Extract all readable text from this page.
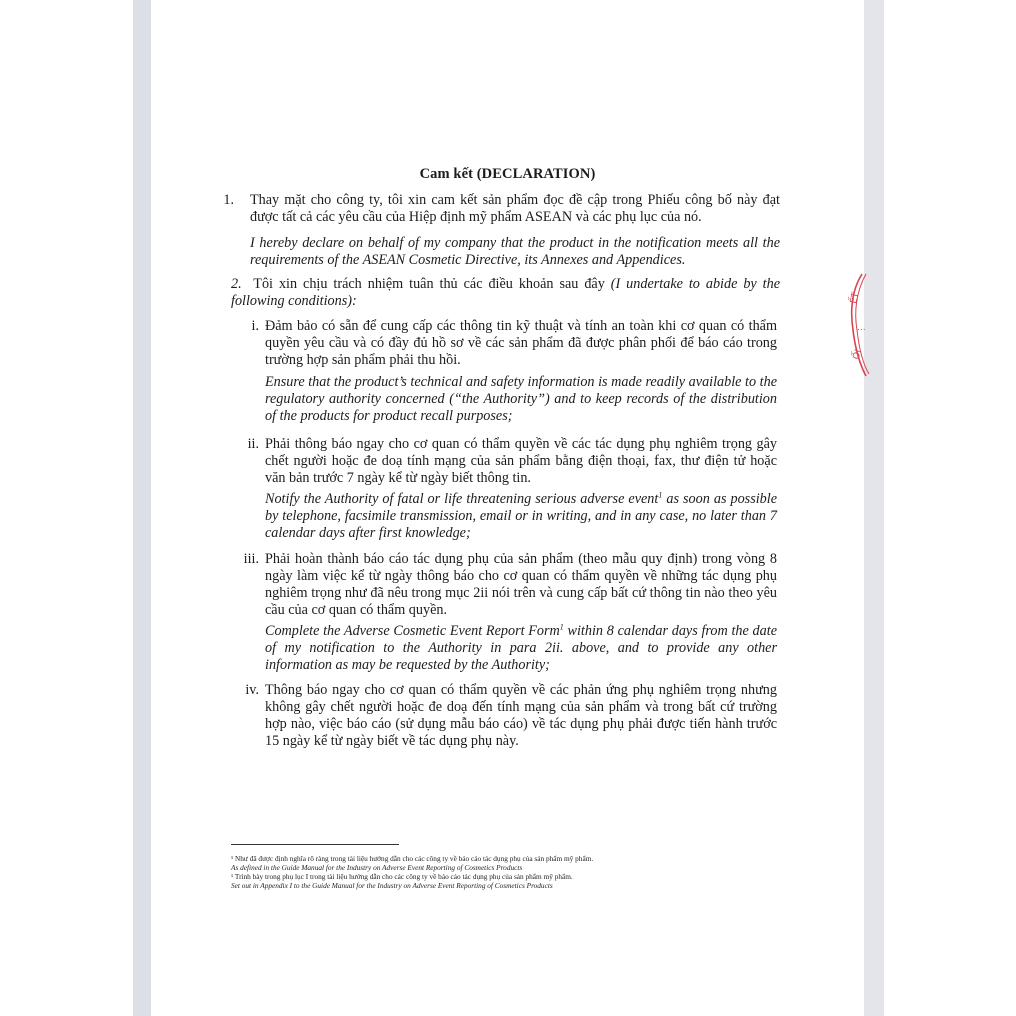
Cam kết (DECLARATION)
1. Thay mặt cho công ty, tôi xin cam kết sản phẩm đọc đề cập trong Phiếu công bố này đạt được tất cả các yêu cầu của Hiệp định mỹ phẩm ASEAN và các phụ lục của nó.
I hereby declare on behalf of my company that the product in the notification meets all the requirements of the ASEAN Cosmetic Directive, its Annexes and Appendices.
2. Tôi xin chịu trách nhiệm tuân thủ các điều khoản sau đây (I undertake to abide by the following conditions):
i. Đảm bảo có sẵn để cung cấp các thông tin kỹ thuật và tính an toàn khi cơ quan có thẩm quyền yêu cầu và có đầy đủ hồ sơ về các sản phẩm đã được phân phối để báo cáo trong trường hợp sản phẩm phải thu hồi.
Ensure that the product’s technical and safety information is made readily available to the regulatory authority concerned (“the Authority”) and to keep records of the distribution of the products for product recall purposes;
ii. Phải thông báo ngay cho cơ quan có thẩm quyền về các tác dụng phụ nghiêm trọng gây chết người hoặc đe doạ tính mạng của sản phẩm bằng điện thoại, fax, thư điện tử hoặc văn bản trước 7 ngày kể từ ngày biết thông tin.
Notify the Authority of fatal or life threatening serious adverse event$^1$ as soon as possible by telephone, facsimile transmission, email or in writing, and in any case, no later than 7 calendar days after first knowledge;
iii. Phải hoàn thành báo cáo tác dụng phụ của sản phẩm (theo mẫu quy định) trong vòng 8 ngày làm việc kể từ ngày thông báo cho cơ quan có thẩm quyền về những tác dụng phụ nghiêm trọng như đã nêu trong mục 2ii nói trên và cung cấp bất cứ thông tin nào theo yêu cầu của cơ quan có thẩm quyền.
Complete the Adverse Cosmetic Event Report Form$^1$ within 8 calendar days from the date of my notification to the Authority in para 2ii. above, and to provide any other information as may be requested by the Authority;
iv. Thông báo ngay cho cơ quan có thẩm quyền về các phản ứng phụ nghiêm trọng nhưng không gây chết người hoặc đe doạ đến tính mạng của sản phẩm và trong bất cứ trường hợp nào, việc báo cáo (sử dụng mẫu báo cáo) về tác dụng phụ phải được tiến hành trước 15 ngày kể từ ngày biết về tác dụng phụ này.
¹ Như đã được định nghĩa rõ ràng trong tài liệu hướng dẫn cho các công ty về báo cáo tác dụng phụ của sản phẩm mỹ phẩm.
As defined in the Guide Manual for the Industry on Adverse Event Reporting of Cosmetics Products
¹ Trình bày trong phụ lục I trong tài liệu hướng dẫn cho các công ty về báo cáo tác dụng phụ của sản phẩm mỹ phẩm.
Set out in Appendix I to the Guide Manual for the Industry on Adverse Event Reporting of Cosmetics Products
ẾT
...
ỐI
